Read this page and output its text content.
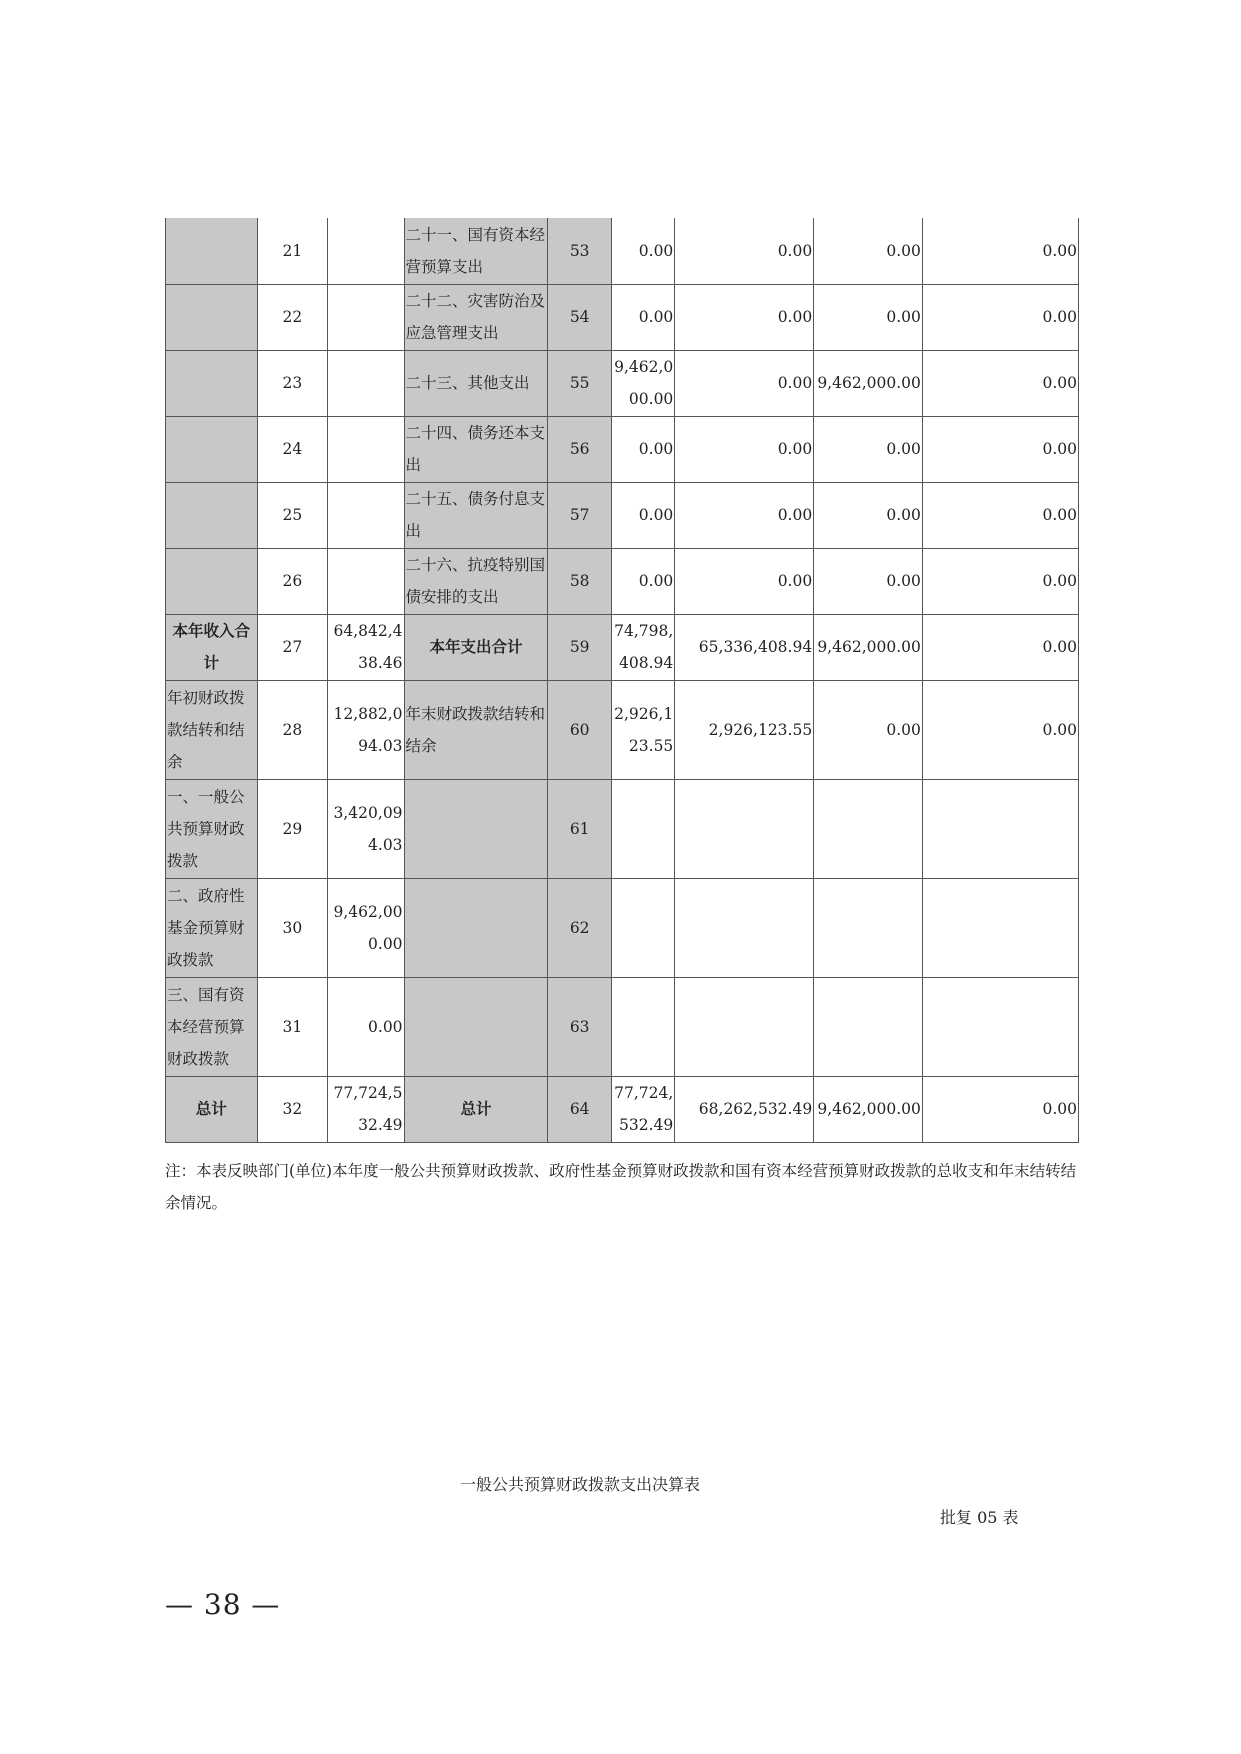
	21		二十一、国有资本经营预算支出	53	0.00	0.00	0.00	0.00
	22		二十二、灾害防治及应急管理支出	54	0.00	0.00	0.00	0.00
	23		二十三、其他支出	55	9,462,000.00	0.00	9,462,000.00	0.00
	24		二十四、债务还本支出	56	0.00	0.00	0.00	0.00
	25		二十五、债务付息支出	57	0.00	0.00	0.00	0.00
	26		二十六、抗疫特别国债安排的支出	58	0.00	0.00	0.00	0.00
本年收入合计	27	64,842,438.46	本年支出合计	59	74,798,408.94	65,336,408.94	9,462,000.00	0.00
年初财政拨款结转和结余	28	12,882,094.03	年末财政拨款结转和结余	60	2,926,123.55	2,926,123.55	0.00	0.00
一、一般公共预算财政拨款	29	3,420,094.03		61				
二、政府性基金预算财政拨款	30	9,462,000.00		62				
三、国有资本经营预算财政拨款	31	0.00		63				
总计	32	77,724,532.49	总计	64	77,724,532.49	68,262,532.49	9,462,000.00	0.00
注：本表反映部门(单位)本年度一般公共预算财政拨款、政府性基金预算财政拨款和国有资本经营预算财政拨款的总收支和年末结转结余情况。
一般公共预算财政拨款支出决算表
批复 05 表
— 38 —
